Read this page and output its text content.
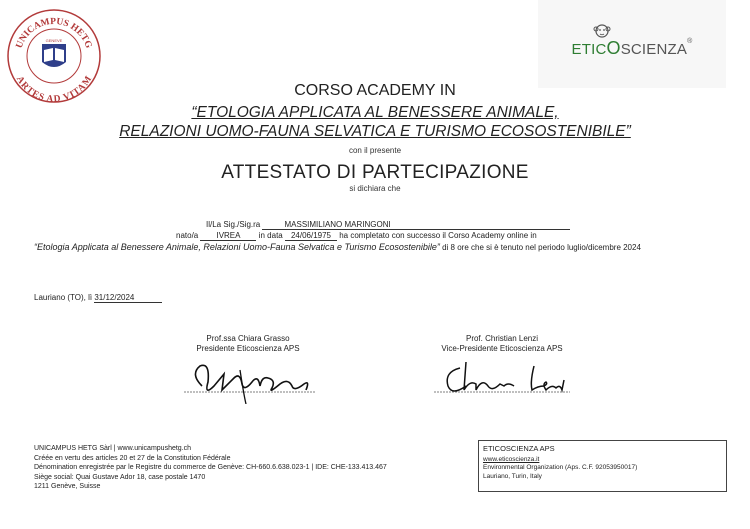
UNICAMPUS HETG
ARTES AD VITAM
GENEVE
ETICOSCIENZA®
CORSO ACADEMY IN
“ETOLOGIA APPLICATA AL BENESSERE ANIMALE,
RELAZIONI UOMO-FAUNA SELVATICA E TURISMO ECOSOSTENIBILE”
con il presente
ATTESTATO DI PARTECIPAZIONE
si dichiara che
Il/La Sig./Sig.ra	MASSIMILIANO MARINGONI
nato/a IVREA in data 24/06/1975 ha completato con successo il Corso Academy online in
“Etologia Applicata al Benessere Animale, Relazioni Uomo-Fauna Selvatica e Turismo Ecosostenibile” di 8 ore che si è tenuto nel periodo luglio/dicembre 2024
Lauriano (TO), lì 31/12/2024
Prof.ssa Chiara Grasso
Presidente Eticoscienza APS
Prof. Christian Lenzi
Vice-Presidente Eticoscienza APS
UNICAMPUS HETG Sàrl | www.unicampushetg.ch
Créée en vertu des articles 20 et 27 de la Constitution Fédérale
Dénomination enregistrée par le Registre du commerce de Genève: CH-660.6.638.023-1 | IDE: CHE-133.413.467
Siège social: Quai Gustave Ador 18, case postale 1470
1211 Genève, Suisse
ETICOSCIENZA APS
www.eticoscienza.it
Environmental Organization (Aps. C.F. 92053950017)
Lauriano, Turin, Italy
